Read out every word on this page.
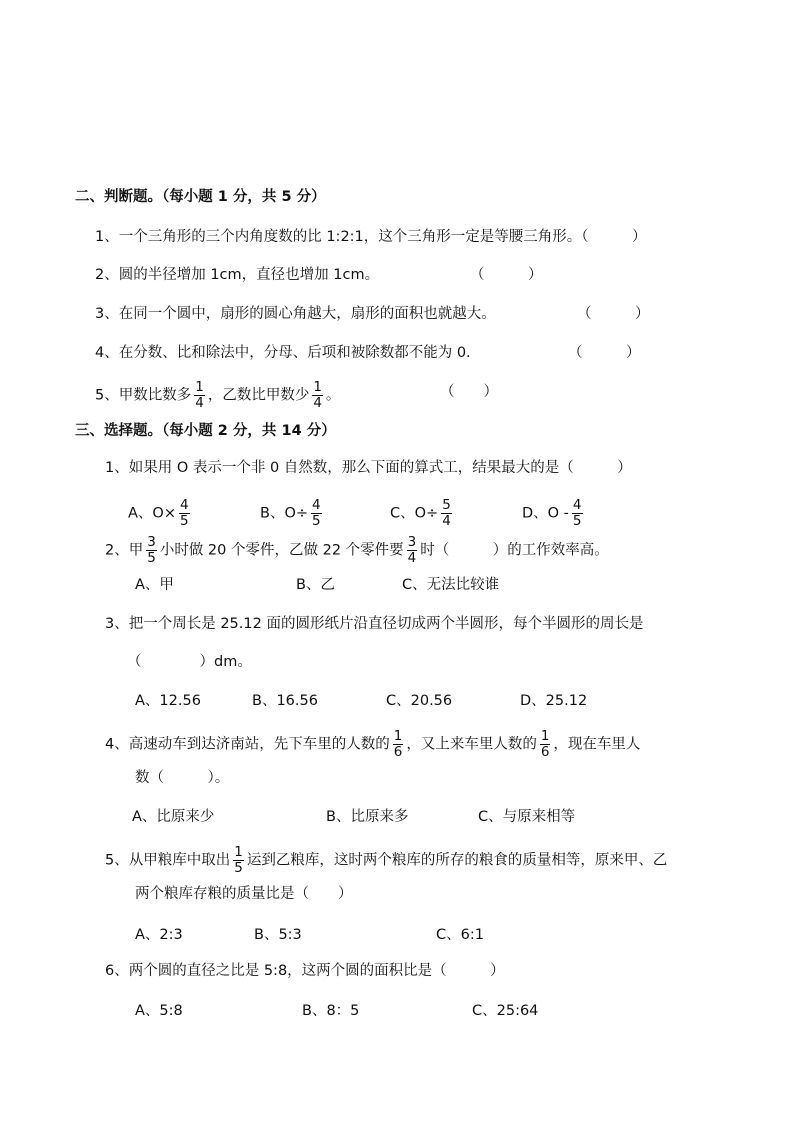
二、判断题。（每小题 1 分，共 5 分）
1、一个三角形的三个内角度数的比 1:2:1，这个三角形一定是等腰三角形。（　　　）
2、圆的半径增加 1cm，直径也增加 1cm。	（　　　）
3、在同一个圆中，扇形的圆心角越大，扇形的面积也就越大。	（　　　）
4、在分数、比和除法中，分母、后项和被除数都不能为 0.	（　　　）
5、甲数比数多 $\frac{1}{4}$ ，乙数比甲数少 $\frac{1}{4}$ 。	（　　）
三、选择题。（每小题 2 分，共 14 分）
1、如果用 O 表示一个非 0 自然数，那么下面的算式工，结果最大的是（　　　）
A、$O\times \frac{4}{5}$	B、$O\div \frac{4}{5}$	C、$O\div \frac{5}{4}$	D、O - $\frac{4}{5}$
2、甲 $\frac{3}{5}$ 小时做 20 个零件，乙做 22 个零件要 $\frac{3}{4}$ 时（　　　）的工作效率高。
A、甲	B、乙	C、无法比较谁
3、把一个周长是 25.12 面的圆形纸片沿直径切成两个半圆形，每个半圆形的周长是
（　　　　）dm。
A、12.56	B、16.56	C、20.56	D、25.12
4、高速动车到达济南站，先下车里的人数的 $\frac{1}{6}$ ，又上来车里人数的 $\frac{1}{6}$ ，现在车里人
数（　　　）。
A、比原来少	B、比原来多	C、与原来相等
5、从甲粮库中取出 $\frac{1}{5}$ 运到乙粮库，这时两个粮库的所存的粮食的质量相等，原来甲、乙
两个粮库存粮的质量比是（　　）
A、2:3	B、5:3	C、6:1
6、两个圆的直径之比是 5:8，这两个圆的面积比是（　　　）
A、5:8	B、8：5	C、25:64
